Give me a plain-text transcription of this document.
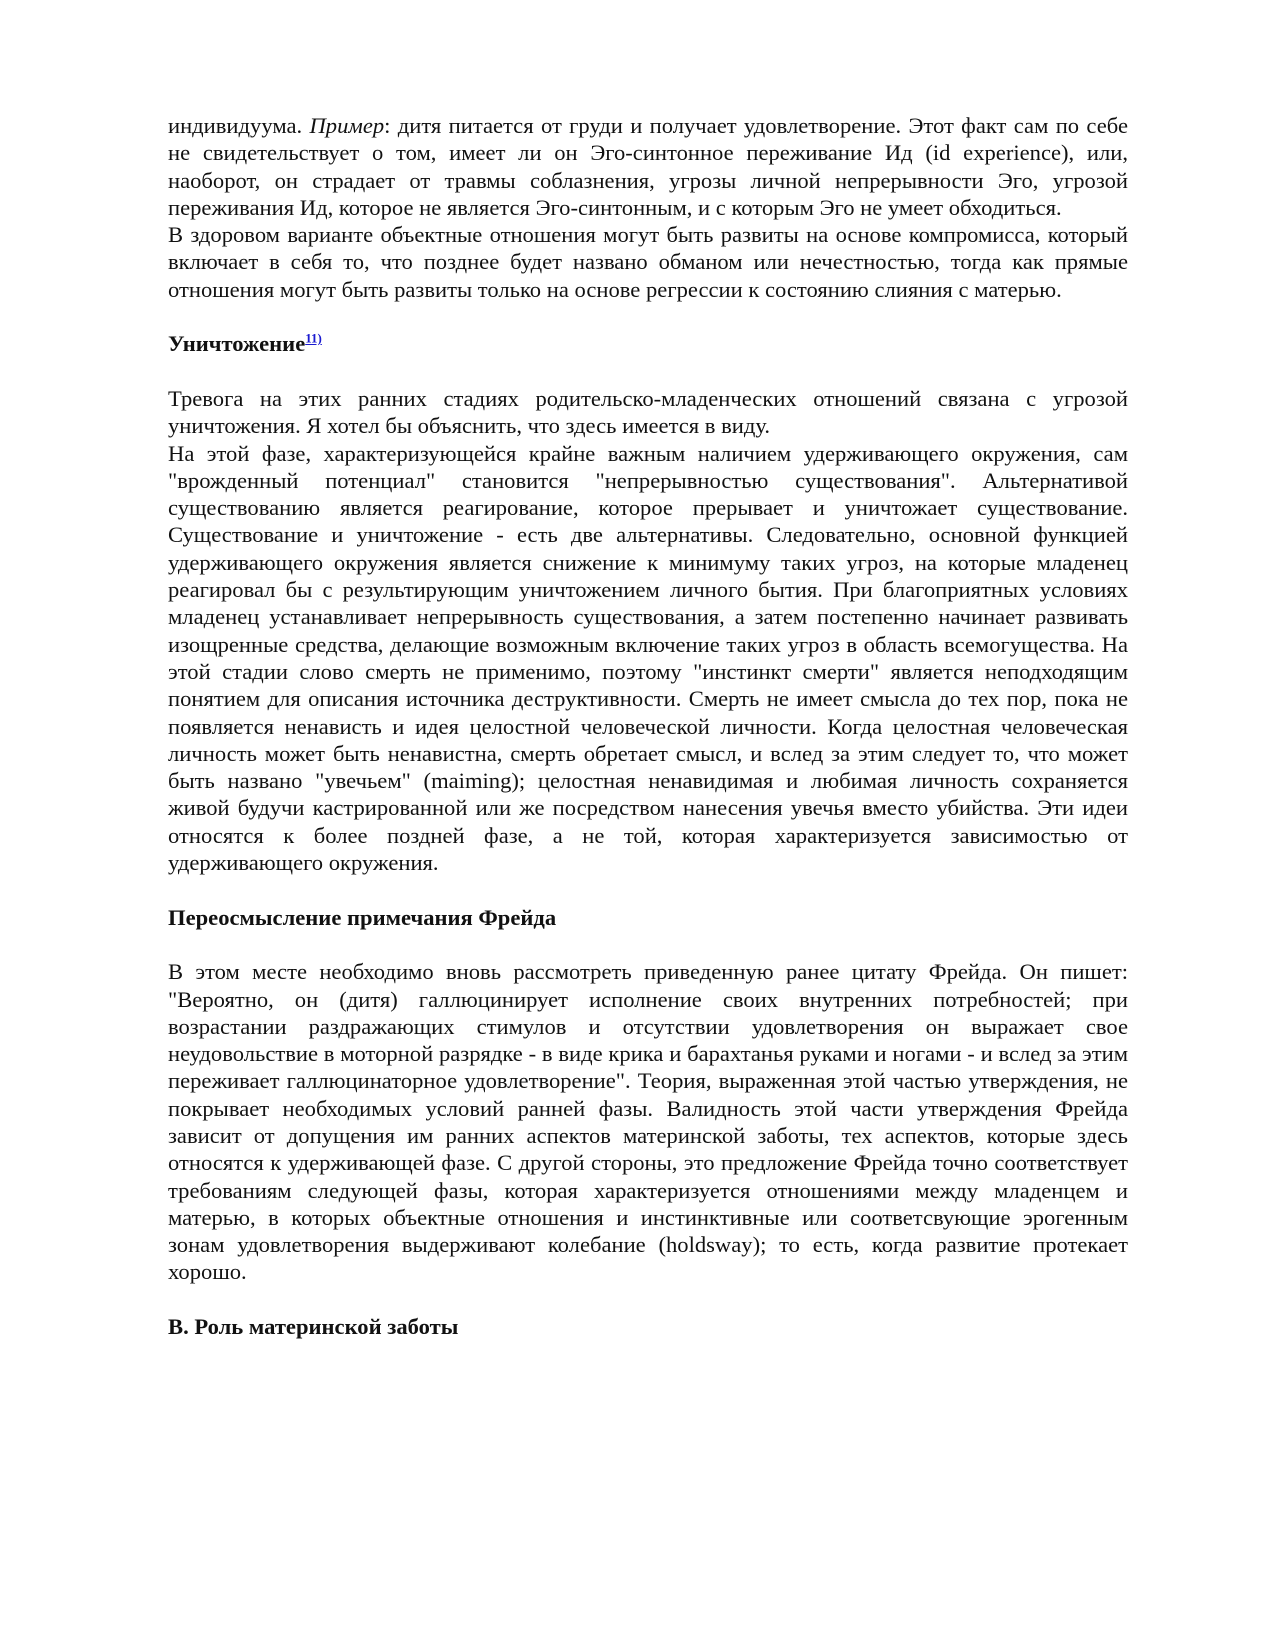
индивидуума. Пример: дитя питается от груди и получает удовлетворение. Этот факт сам по себе не свидетельствует о том, имеет ли он Эго-синтонное переживание Ид (id experience), или, наоборот, он страдает от травмы соблазнения, угрозы личной непрерывности Эго, угрозой переживания Ид, которое не является Эго-синтонным, и с которым Эго не умеет обходиться.

В здоровом варианте объектные отношения могут быть развиты на основе компромисса, который включает в себя то, что позднее будет названо обманом или нечестностью, тогда как прямые отношения могут быть развиты только на основе регрессии к состоянию слияния с матерью.

Уничтожение$^{11)}$

Тревога на этих ранних стадиях родительско-младенческих отношений связана с угрозой уничтожения. Я хотел бы объяснить, что здесь имеется в виду.

На этой фазе, характеризующейся крайне важным наличием удерживающего окружения, сам "врожденный потенциал" становится "непрерывностью существования". Альтернативой существованию является реагирование, которое прерывает и уничтожает существование. Существование и уничтожение - есть две альтернативы. Следовательно, основной функцией удерживающего окружения является снижение к минимуму таких угроз, на которые младенец реагировал бы с результирующим уничтожением личного бытия. При благоприятных условиях младенец устанавливает непрерывность существования, а затем постепенно начинает развивать изощренные средства, делающие возможным включение таких угроз в область всемогущества. На этой стадии слово смерть не применимо, поэтому "инстинкт смерти" является неподходящим понятием для описания источника деструктивности. Смерть не имеет смысла до тех пор, пока не появляется ненависть и идея целостной человеческой личности. Когда целостная человеческая личность может быть ненавистна, смерть обретает смысл, и вслед за этим следует то, что может быть названо "увечьем" (maiming); целостная ненавидимая и любимая личность сохраняется живой будучи кастрированной или же посредством нанесения увечья вместо убийства. Эти идеи относятся к более поздней фазе, а не той, которая характеризуется зависимостью от удерживающего окружения.

Переосмысление примечания Фрейда

В этом месте необходимо вновь рассмотреть приведенную ранее цитату Фрейда. Он пишет: "Вероятно, он (дитя) галлюцинирует исполнение своих внутренних потребностей; при возрастании раздражающих стимулов и отсутствии удовлетворения он выражает свое неудовольствие в моторной разрядке - в виде крика и барахтанья руками и ногами - и вслед за этим переживает галлюцинаторное удовлетворение". Теория, выраженная этой частью утверждения, не покрывает необходимых условий ранней фазы. Валидность этой части утверждения Фрейда зависит от допущения им ранних аспектов материнской заботы, тех аспектов, которые здесь относятся к удерживающей фазе. С другой стороны, это предложение Фрейда точно соответствует требованиям следующей фазы, которая характеризуется отношениями между младенцем и матерью, в которых объектные отношения и инстинктивные или соответсвующие эрогенным зонам удовлетворения выдерживают колебание (holdsway); то есть, когда развитие протекает хорошо.

В. Роль материнской заботы
